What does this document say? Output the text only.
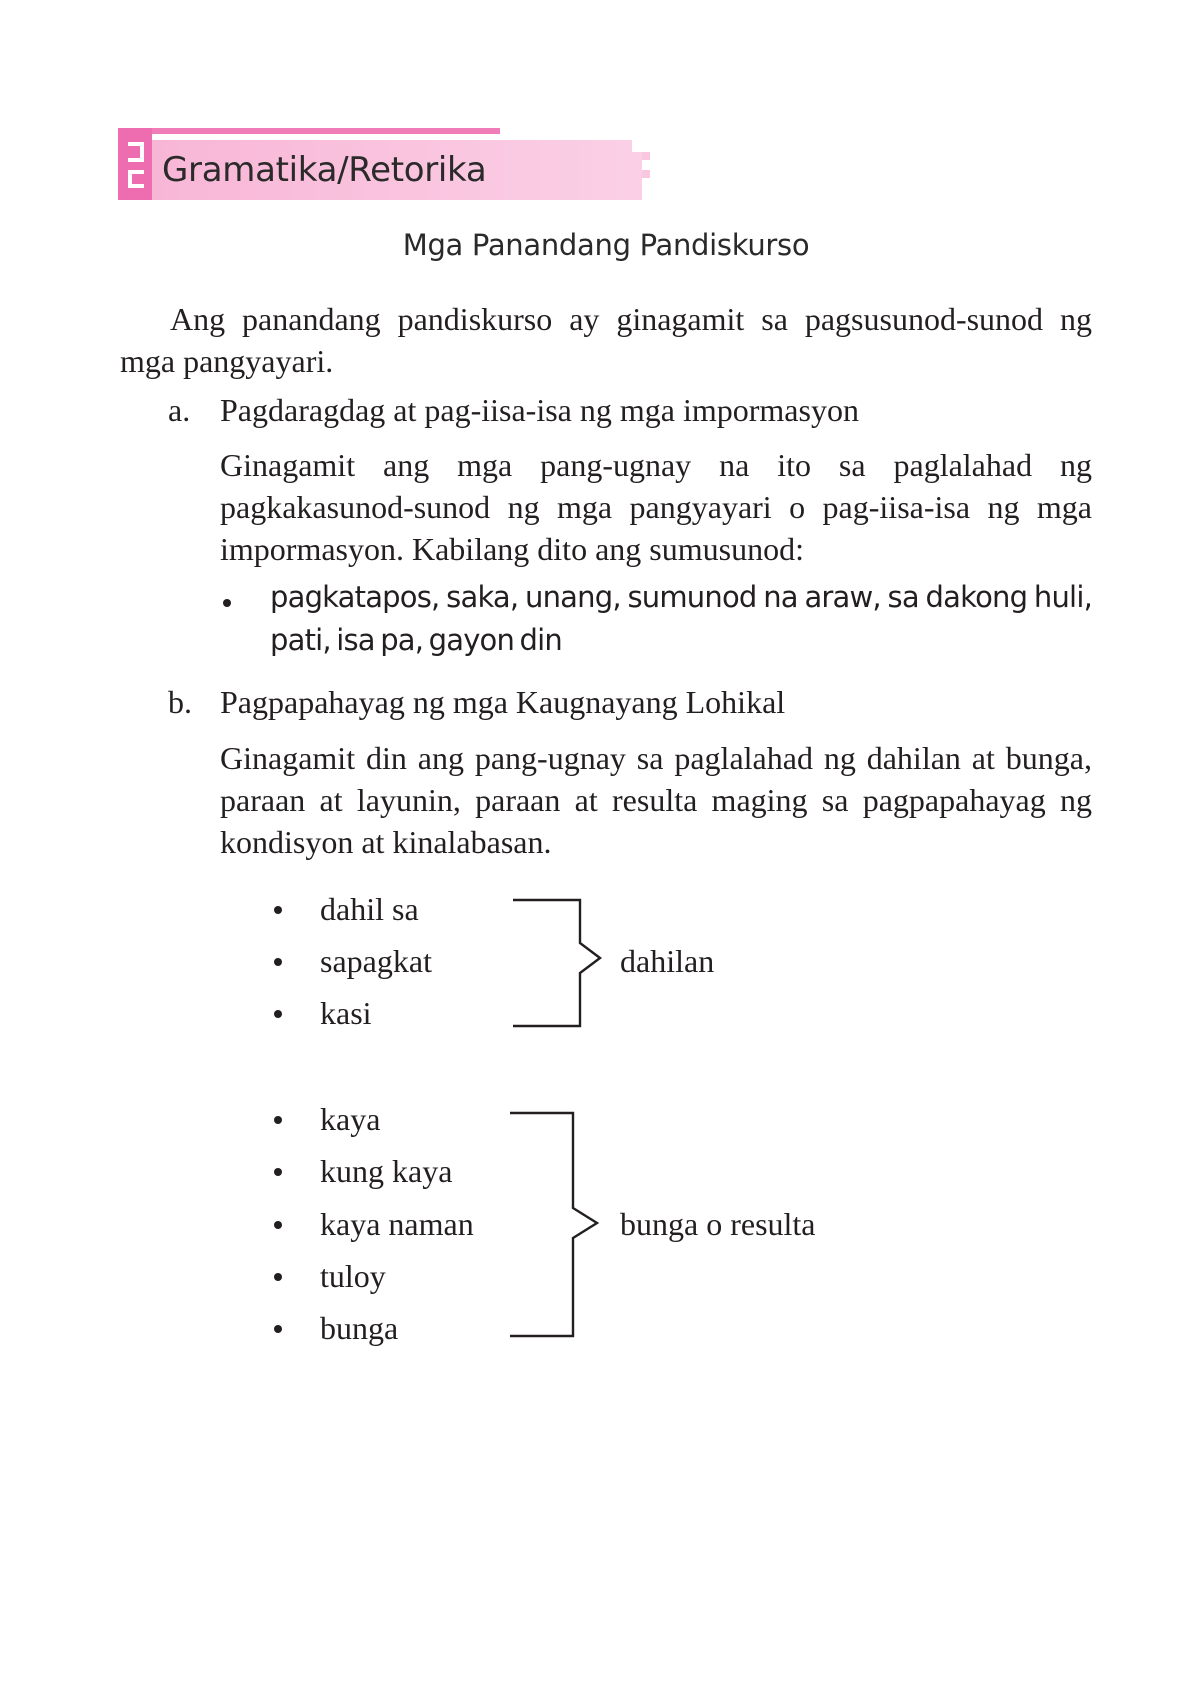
Gramatika/Retorika
Mga Panandang Pandiskurso
Ang panandang pandiskurso ay ginagamit sa pagsusunod-sunod ng mga pangyayari.
a. Pagdaragdag at pag-iisa-isa ng mga impormasyon
Ginagamit ang mga pang-ugnay na ito sa paglalahad ng pagkakasunod-sunod ng mga pangyayari o pag-iisa-isa ng mga impormasyon. Kabilang dito ang sumusunod:
pagkatapos, saka, unang, sumunod na araw, sa dakong huli,
pati, isa pa, gayon din
b. Pagpapahayag ng mga Kaugnayang Lohikal
Ginagamit din ang pang-ugnay sa paglalahad ng dahilan at bunga, paraan at layunin, paraan at resulta maging sa pagpapahayag ng kondisyon at kinalabasan.
dahil sa
sapagkat
kasi
dahilan
kaya
kung kaya
kaya naman
tuloy
bunga
bunga o resulta
